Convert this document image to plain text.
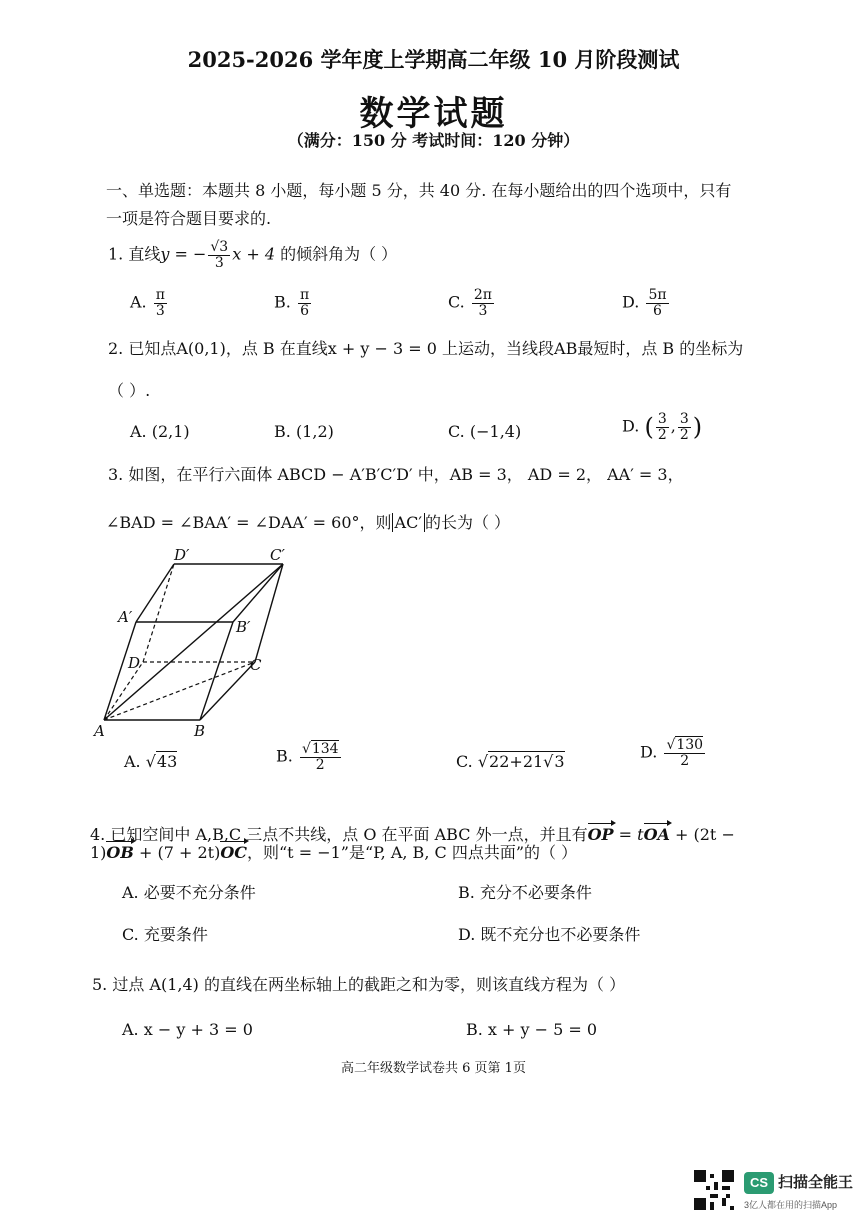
2025-2026 学年度上学期高二年级 10 月阶段测试
数学试题
（满分：150 分 考试时间：120 分钟）
一、单选题：本题共 8 小题，每小题 5 分，共 40 分. 在每小题给出的四个选项中，只有
一项是符合题目要求的.
1. 直线y = − $\frac{√3}{3}$ x + 4 的倾斜角为（ ）
A. $\frac{\pi}{3}$	B. $\frac{\pi}{6}$	C. $\frac{2\pi}{3}$	D. $\frac{5\pi}{6}$
2. 已知点A(0,1)，点 B 在直线x + y − 3 = 0 上运动，当线段AB最短时，点 B 的坐标为
（ ）.
A. (2,1)	B. (1,2)	C. (−1,4)	D. ( $\frac{3}{2}$ , $\frac{3}{2}$ )
3. 如图，在平行六面体 ABCD − A′B′C′D′ 中，AB = 3， AD = 2， AA′ = 3，
∠BAD = ∠BAA′ = ∠DAA′ = 60°，则 AC′ 的长为（ ）
A	B
C
D
A′
B′
C′
D′
A. √43	B. $\frac{√134}{2}$	C. √22+21√3	D. $\frac{√130}{2}$
4. 已知空间中 A,B,C 三点不共线，点 O 在平面 ABC 外一点，并且有OP = tOA + (2t −
1)OB + (7 + 2t)OC，则“t = −1”是“P, A, B, C 四点共面”的（ ）
A. 必要不充分条件	B. 充分不必要条件
C. 充要条件	D. 既不充分也不必要条件
5. 过点 A(1,4) 的直线在两坐标轴上的截距之和为零，则该直线方程为（ ）
A. x − y + 3 = 0	B. x + y − 5 = 0
高二年级数学试卷共 6 页第 1页
CS 扫描全能王
3亿人都在用的扫描App
